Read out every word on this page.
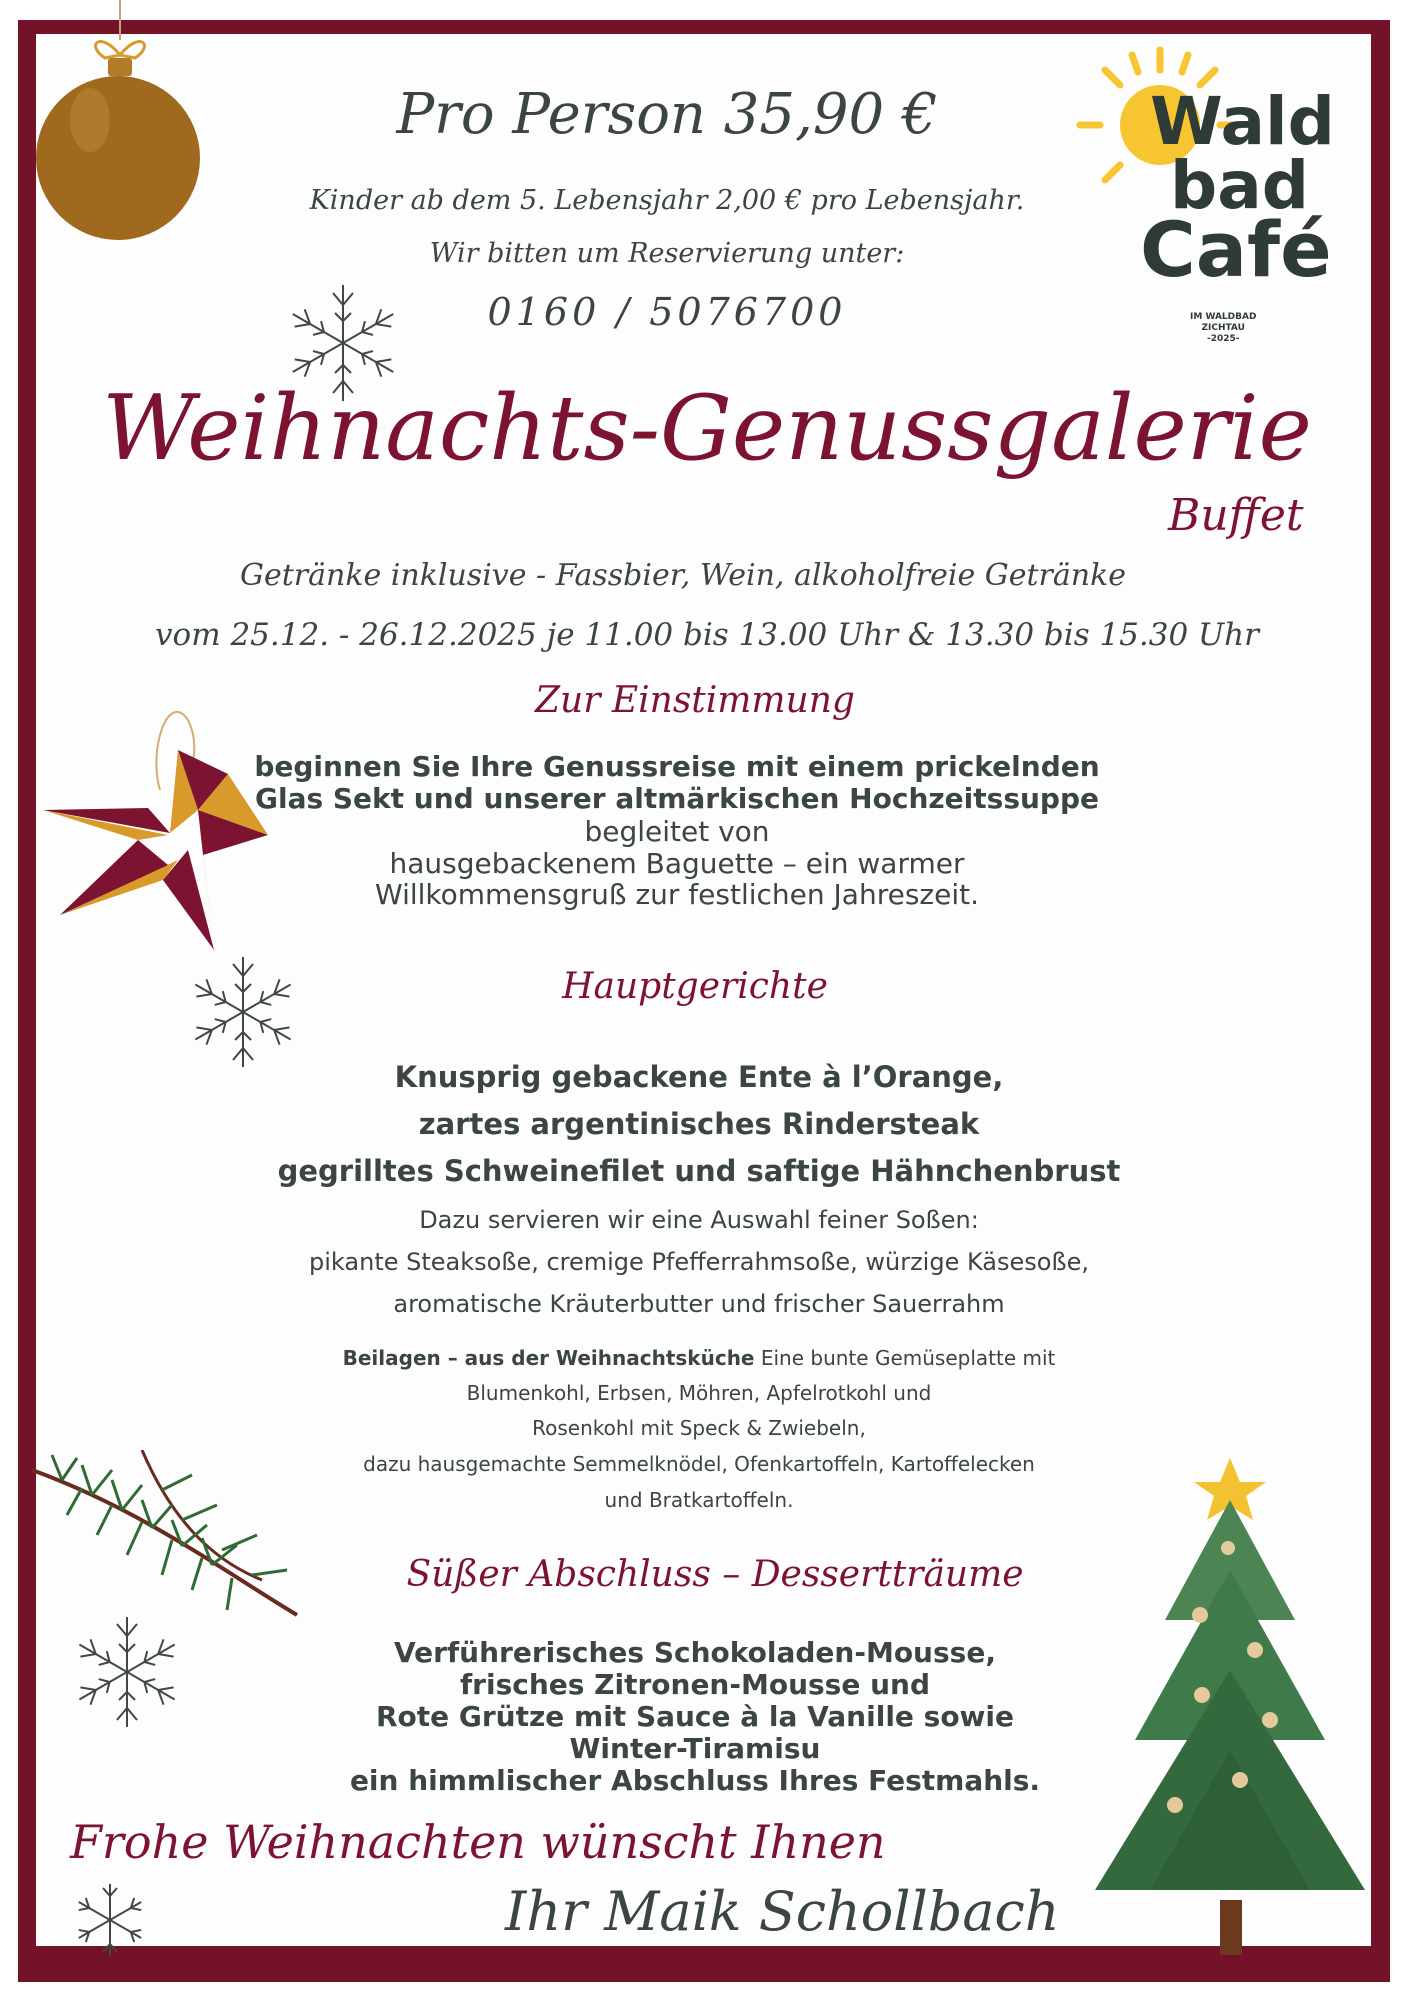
Wald
bad
Café
IM WALDBAD
ZICHTAU
-2025-
Pro Person 35,90 €
Kinder ab dem 5. Lebensjahr 2,00 € pro Lebensjahr.
Wir bitten um Reservierung unter:
0160 / 5076700
Weihnachts-Genussgalerie
Buffet
Getränke inklusive - Fassbier, Wein, alkoholfreie Getränke
vom 25.12. - 26.12.2025 je 11.00 bis 13.00 Uhr & 13.30 bis 15.30 Uhr
Zur Einstimmung
beginnen Sie Ihre Genussreise mit einem prickelnden
Glas Sekt und unserer altmärkischen Hochzeitssuppe
begleitet von
hausgebackenem Baguette – ein warmer
Willkommensgruß zur festlichen Jahreszeit.
Hauptgerichte
Knusprig gebackene Ente à l’Orange,
zartes argentinisches Rindersteak
gegrilltes Schweinefilet und saftige Hähnchenbrust
Dazu servieren wir eine Auswahl feiner Soßen:
pikante Steaksoße, cremige Pfefferrahmsoße, würzige Käsesoße,
aromatische Kräuterbutter und frischer Sauerrahm
Beilagen – aus der Weihnachtsküche Eine bunte Gemüseplatte mit
Blumenkohl, Erbsen, Möhren, Apfelrotkohl und
Rosenkohl mit Speck & Zwiebeln,
dazu hausgemachte Semmelknödel, Ofenkartoffeln, Kartoffelecken
und Bratkartoffeln.
Süßer Abschluss – Dessertträume
Verführerisches Schokoladen-Mousse,
frisches Zitronen-Mousse und
Rote Grütze mit Sauce à la Vanille sowie
Winter-Tiramisu
ein himmlischer Abschluss Ihres Festmahls.
Frohe Weihnachten wünscht Ihnen
Ihr Maik Schollbach
